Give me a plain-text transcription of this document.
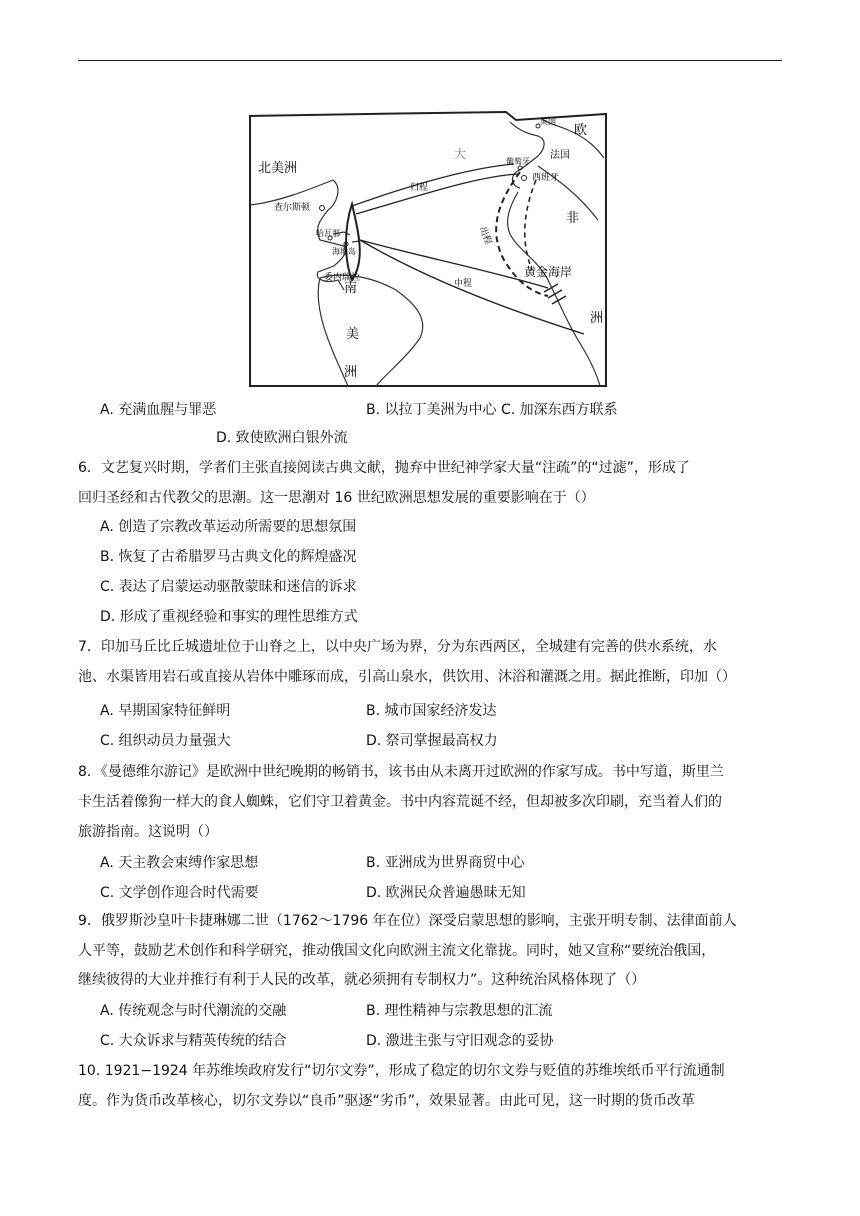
北美洲
欧
非
南
美
洲
洲
大
黄金海岸
查尔斯顿
法国
英国
葡萄牙
西班牙
归程
中程
出程
委内瑞拉
哈瓦那
海地岛
A. 充满血腥与罪恶	B. 以拉丁美洲为中心 C. 加深东西方联系
D. 致使欧洲白银外流
6．文艺复兴时期，学者们主张直接阅读古典文献，抛弃中世纪神学家大量“注疏”的“过滤”，形成了
回归圣经和古代教父的思潮。这一思潮对 16 世纪欧洲思想发展的重要影响在于（）
A. 创造了宗教改革运动所需要的思想氛围
B. 恢复了古希腊罗马古典文化的辉煌盛况
C. 表达了启蒙运动驱散蒙昧和迷信的诉求
D. 形成了重视经验和事实的理性思维方式
7．印加马丘比丘城遗址位于山脊之上，以中央广场为界，分为东西两区，全城建有完善的供水系统，水
池、水渠皆用岩石或直接从岩体中雕琢而成，引高山泉水，供饮用、沐浴和灌溉之用。据此推断，印加（）
A. 早期国家特征鲜明	B. 城市国家经济发达
C. 组织动员力量强大	D. 祭司掌握最高权力
8．《曼德维尔游记》是欧洲中世纪晚期的畅销书，该书由从未离开过欧洲的作家写成。书中写道，斯里兰
卡生活着像狗一样大的食人蜘蛛，它们守卫着黄金。书中内容荒诞不经，但却被多次印刷，充当着人们的
旅游指南。这说明（）
A. 天主教会束缚作家思想	B. 亚洲成为世界商贸中心
C. 文学创作迎合时代需要	D. 欧洲民众普遍愚昧无知
9．俄罗斯沙皇叶卡捷琳娜二世（1762～1796 年在位）深受启蒙思想的影响，主张开明专制、法律面前人
人平等，鼓励艺术创作和科学研究，推动俄国文化向欧洲主流文化靠拢。同时，她又宣称“要统治俄国，
继续彼得的大业并推行有利于人民的改革，就必须拥有专制权力”。这种统治风格体现了（）
A. 传统观念与时代潮流的交融	B. 理性精神与宗教思想的汇流
C. 大众诉求与精英传统的结合	D. 激进主张与守旧观念的妥协
10. 1921−1924 年苏维埃政府发行“切尔文券”，形成了稳定的切尔文券与贬值的苏维埃纸币平行流通制
度。作为货币改革核心，切尔文券以“良币”驱逐“劣币”，效果显著。由此可见，这一时期的货币改革
